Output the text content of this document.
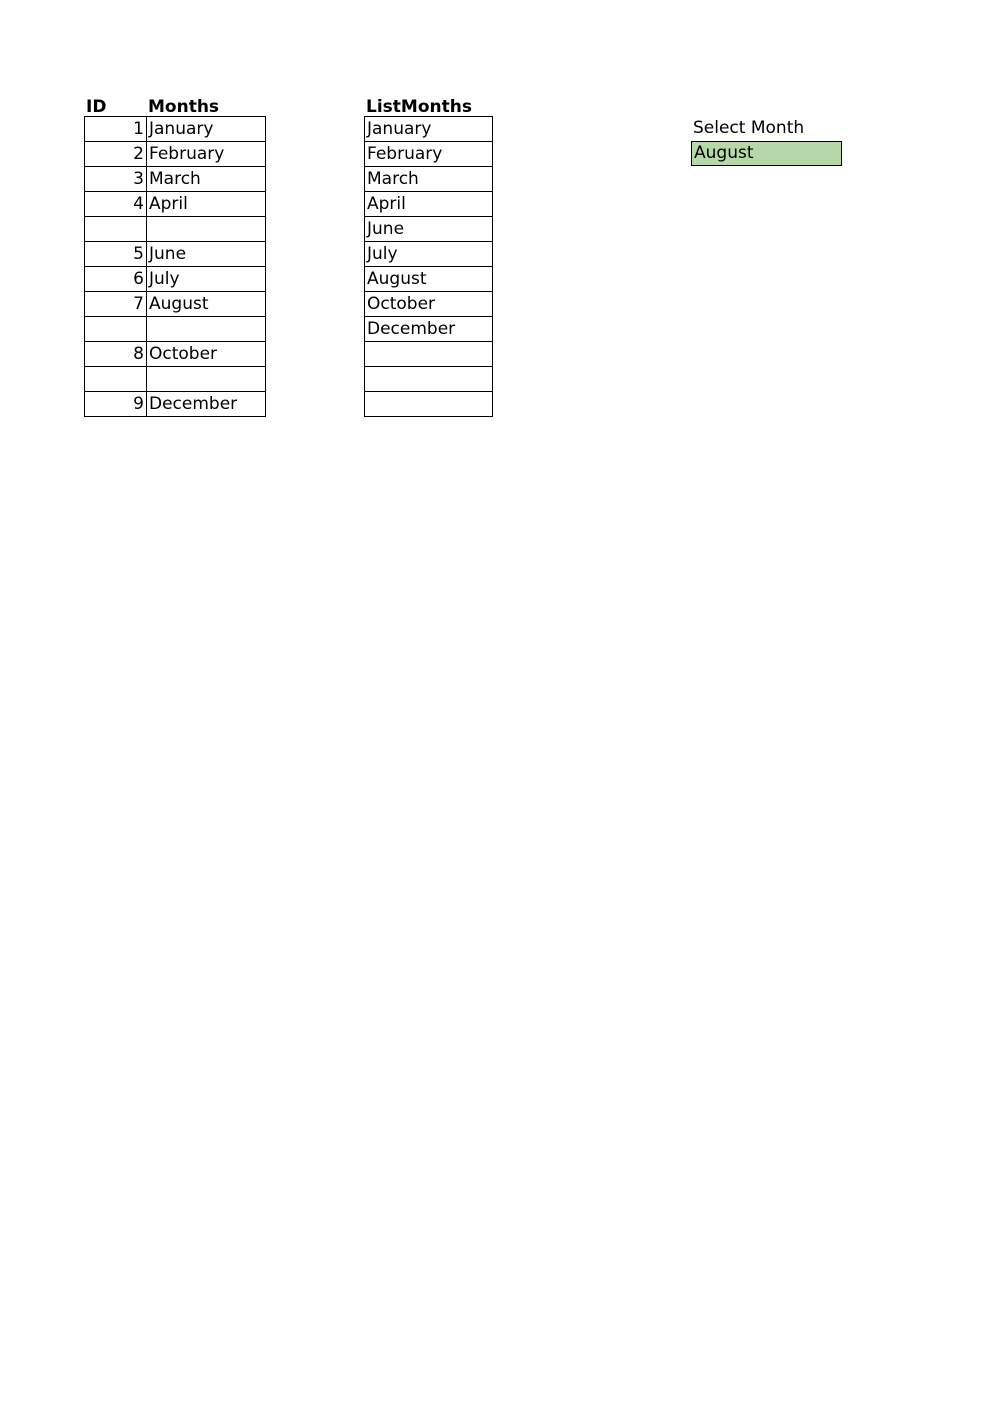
ID	Months
1 January
2 February
3 March
4 April
5 June
6 July
7 August
8 October
9 December
ListMonths
January
February
March
April
June
July
August
October
December
Select Month
August
